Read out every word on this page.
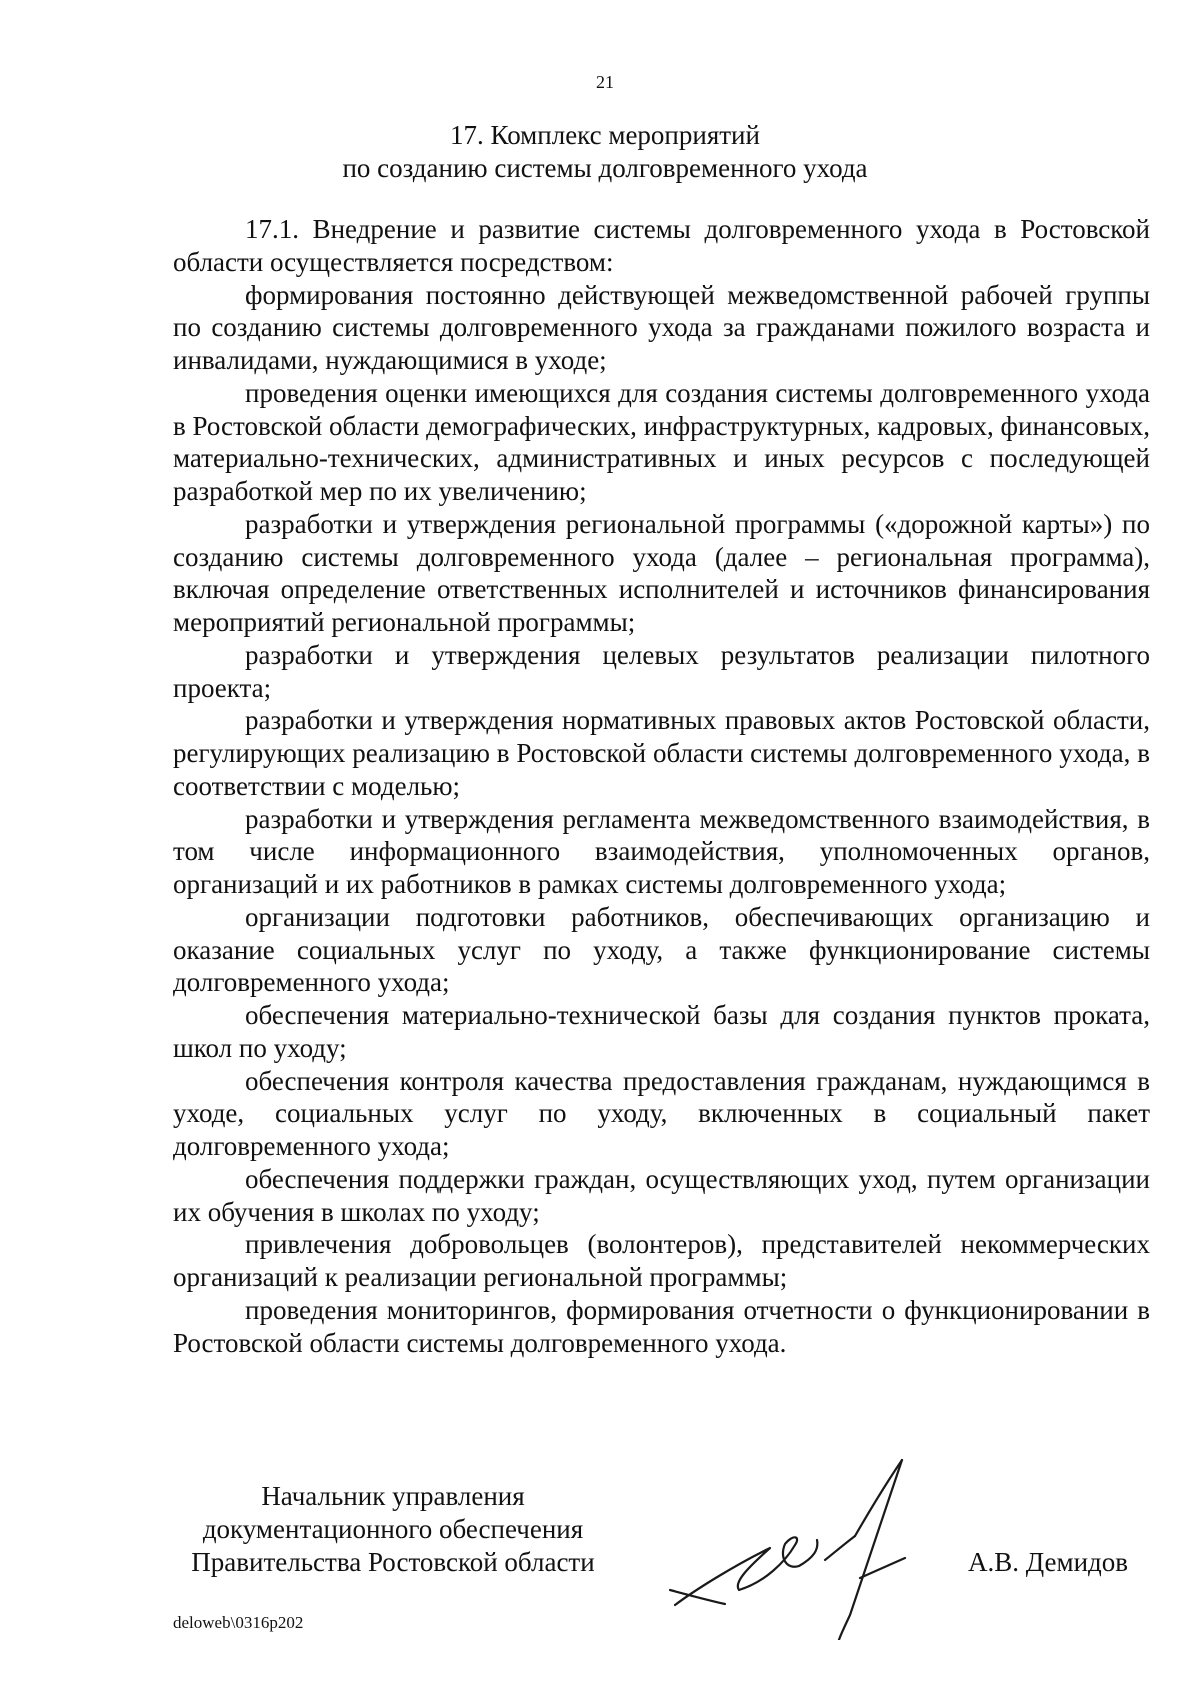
21
17. Комплекс мероприятий
по созданию системы долговременного ухода

17.1. Внедрение и развитие системы долговременного ухода в Ростовской области осуществляется посредством:

формирования постоянно действующей межведомственной рабочей группы по созданию системы долговременного ухода за гражданами пожилого возраста и инвалидами, нуждающимися в уходе;

проведения оценки имеющихся для создания системы долговременного ухода в Ростовской области демографических, инфраструктурных, кадровых, финансовых, материально-технических, административных и иных ресурсов с последующей разработкой мер по их увеличению;

разработки и утверждения региональной программы («дорожной карты») по созданию системы долговременного ухода (далее – региональная программа), включая определение ответственных исполнителей и источников финансирования мероприятий региональной программы;

разработки и утверждения целевых результатов реализации пилотного проекта;

разработки и утверждения нормативных правовых актов Ростовской области, регулирующих реализацию в Ростовской области системы долговременного ухода, в соответствии с моделью;

разработки и утверждения регламента межведомственного взаимодействия, в том числе информационного взаимодействия, уполномоченных органов, организаций и их работников в рамках системы долговременного ухода;

организации подготовки работников, обеспечивающих организацию и оказание социальных услуг по уходу, а также функционирование системы долговременного ухода;

обеспечения материально-технической базы для создания пунктов проката, школ по уходу;

обеспечения контроля качества предоставления гражданам, нуждающимся в уходе, социальных услуг по уходу, включенных в социальный пакет долговременного ухода;

обеспечения поддержки граждан, осуществляющих уход, путем организации их обучения в школах по уходу;

привлечения добровольцев (волонтеров), представителей некоммерческих организаций к реализации региональной программы;

проведения мониторингов, формирования отчетности о функционировании в Ростовской области системы долговременного ухода.

Начальник управления
документационного обеспечения
Правительства Ростовской области	А.В. Демидов
deloweb\0316p202
